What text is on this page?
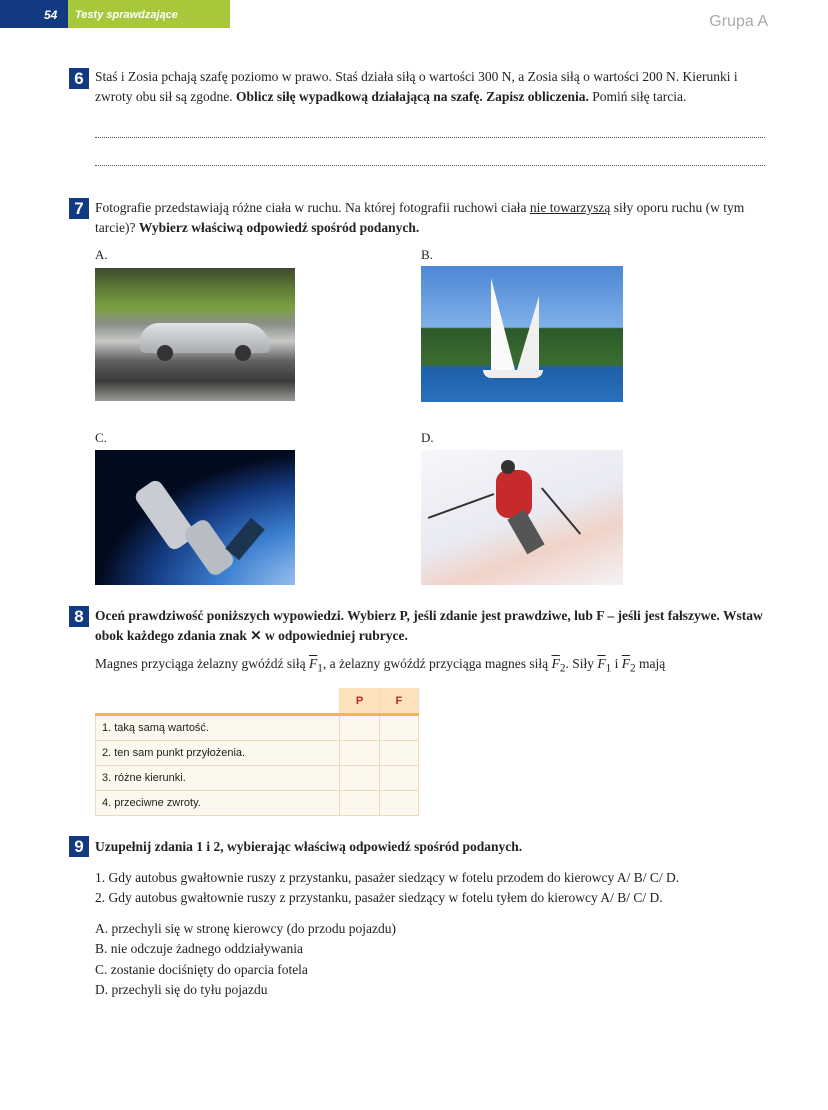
54 Testy sprawdzające	Grupa A
6 Staś i Zosia pchają szafę poziomo w prawo. Staś działa siłą o wartości 300 N, a Zosia siłą o wartości 200 N. Kierunki i zwroty obu sił są zgodne. Oblicz siłę wypadkową działającą na szafę. Zapisz obliczenia. Pomiń siłę tarcia.
7 Fotografie przedstawiają różne ciała w ruchu. Na której fotografii ruchowi ciała nie towarzyszą siły oporu ruchu (w tym tarcie)? Wybierz właściwą odpowiedź spośród podanych.
A.	B.
C.	D.
8 Oceń prawdziwość poniższych wypowiedzi. Wybierz P, jeśli zdanie jest prawdziwe, lub F – jeśli jest fałszywe. Wstaw obok każdego zdania znak ✕ w odpowiedniej rubryce.
Magnes przyciąga żelazny gwóźdź siłą $\overline{F}_1$, a żelazny gwóźdź przyciąga magnes siłą $\overline{F}_2$. Siły $\overline{F}_1$ i $\overline{F}_2$ mają
	P	F
1. taką samą wartość.		
2. ten sam punkt przyłożenia.		
3. różne kierunki.		
4. przeciwne zwroty.		
9 Uzupełnij zdania 1 i 2, wybierając właściwą odpowiedź spośród podanych.
1. Gdy autobus gwałtownie ruszy z przystanku, pasażer siedzący w fotelu przodem do kierowcy A/ B/ C/ D.
2. Gdy autobus gwałtownie ruszy z przystanku, pasażer siedzący w fotelu tyłem do kierowcy A/ B/ C/ D.
A. przechyli się w stronę kierowcy (do przodu pojazdu)
B. nie odczuje żadnego oddziaływania
C. zostanie dociśnięty do oparcia fotela
D. przechyli się do tyłu pojazdu
